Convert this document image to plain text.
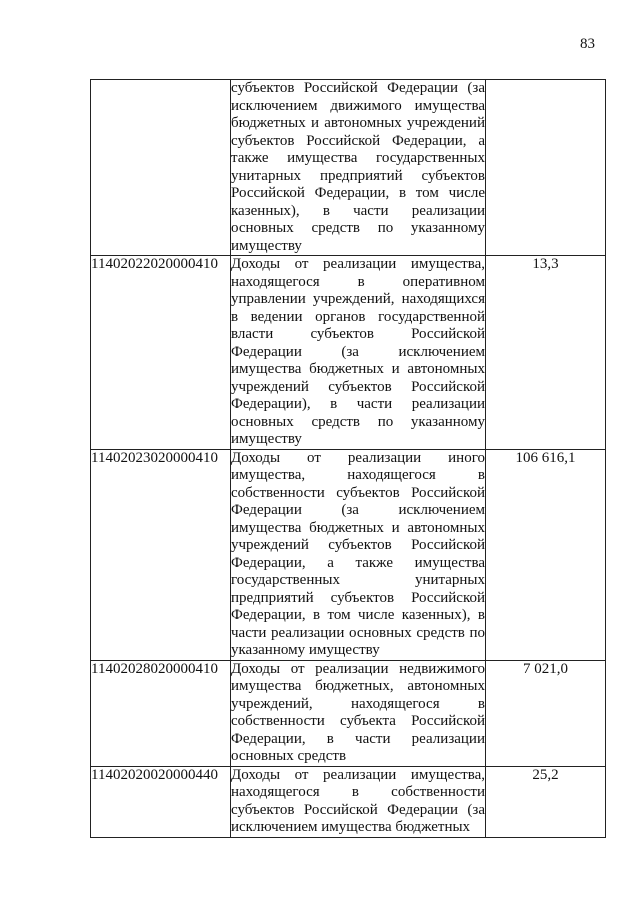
83
	субъектов Российской Федерации (за исключением движимого имущества бюджетных и автономных учреждений субъектов Российской Федерации, а также имущества государственных унитарных предприятий субъектов Российской Федерации, в том числе казенных), в части реализации основных средств по указанному имуществу	
11402022020000410	Доходы от реализации имущества, находящегося в оперативном управлении учреждений, находящихся в ведении органов государственной власти субъектов Российской Федерации (за исключением имущества бюджетных и автономных учреждений субъектов Российской Федерации), в части реализации основных средств по указанному имуществу	13,3
11402023020000410	Доходы от реализации иного имущества, находящегося в собственности субъектов Российской Федерации (за исключением имущества бюджетных и автономных учреждений субъектов Российской Федерации, а также имущества государственных унитарных предприятий субъектов Российской Федерации, в том числе казенных), в части реализации основных средств по указанному имуществу	106 616,1
11402028020000410	Доходы от реализации недвижимого имущества бюджетных, автономных учреждений, находящегося в собственности субъекта Российской Федерации, в части реализации основных средств	7 021,0
11402020020000440	Доходы от реализации имущества, находящегося в собственности субъектов Российской Федерации (за исключением имущества бюджетных	25,2
